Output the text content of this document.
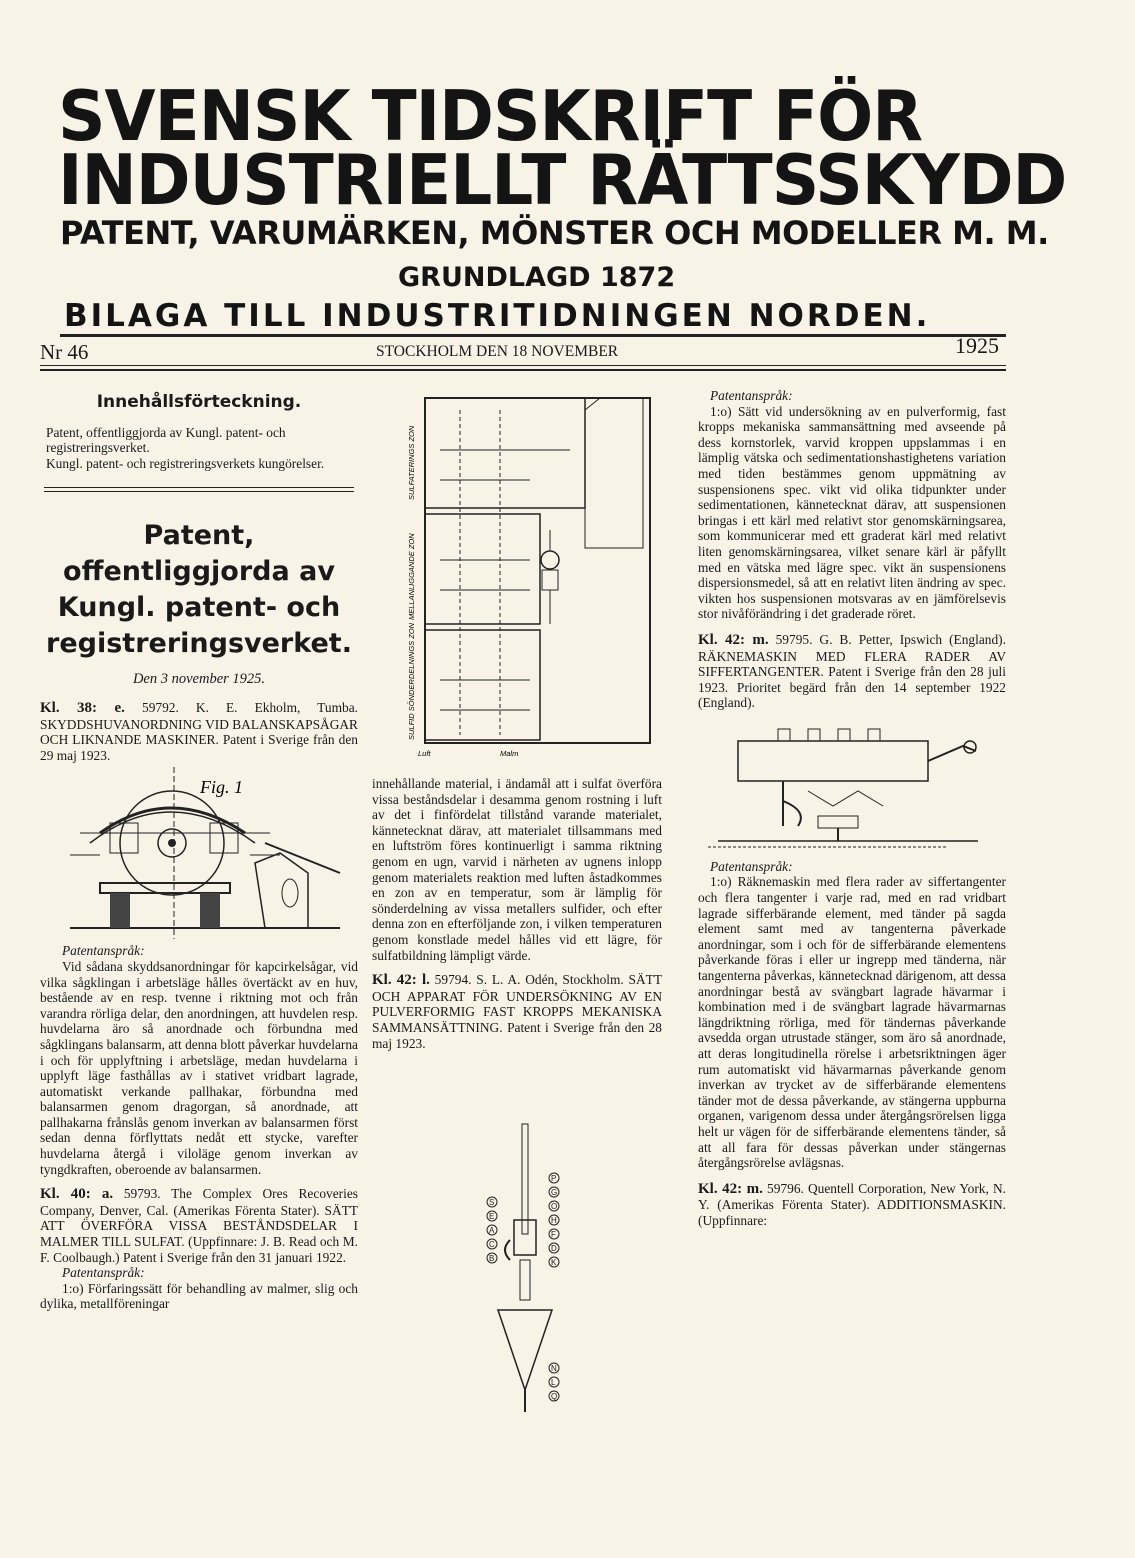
SVENSK TIDSKRIFT FÖR
INDUSTRIELLT RÄTTSSKYDD
PATENT, VARUMÄRKEN, MÖNSTER OCH MODELLER M. M.
GRUNDLAGD 1872
BILAGA TILL INDUSTRITIDNINGEN NORDEN.
Nr 46	STOCKHOLM DEN 18 NOVEMBER	1925
Innehållsförteckning.

Patent, offentliggjorda av Kungl. patent- och registreringsverket.

Kungl. patent- och registreringsverkets kungörelser.

Patent, offentliggjorda av Kungl. patent- och registreringsverket.
Den 3 november 1925.

Kl. 38: e. 59792. K. E. Ekholm, Tumba. SKYDDSHUVANORDNING VID BALANSKAPSÅGAR OCH LIKNANDE MASKINER. Patent i Sverige från den 29 maj 1923.

Fig. 1

Patentanspråk:

Vid sådana skyddsanordningar för kapcirkelsågar, vid vilka sågklingan i arbetsläge hålles övertäckt av en huv, bestående av en resp. tvenne i riktning mot och från varandra rörliga delar, den anordningen, att huvdelen resp. huvdelarna äro så anordnade och förbundna med sågklingans balansarm, att denna blott påverkar huvdelarna i och för upplyftning i arbetsläge, medan huvdelarna i upplyft läge fasthållas av i stativet vridbart lagrade, automatiskt verkande pallhakar, förbundna med balansarmen genom dragorgan, så anordnade, att pallhakarna frånslås genom inverkan av balansarmen först sedan denna förflyttats nedåt ett stycke, varefter huvdelarna återgå i viloläge genom inverkan av tyngdkraften, oberoende av balansarmen.

Kl. 40: a. 59793. The Complex Ores Recoveries Company, Denver, Cal. (Amerikas Förenta Stater). SÄTT ATT ÖVERFÖRA VISSA BESTÅNDSDELAR I MALMER TILL SULFAT. (Uppfinnare: J. B. Read och M. F. Coolbaugh.) Patent i Sverige från den 31 januari 1922.

Patentanspråk:

1:o) Förfaringssätt för behandling av malmer, slig och dylika, metallföreningar

SULFATERINGS ZON
MELLANLIGGANDE ZON
SULFID SÖNDERDELNINGS ZON
Luft	Malm

innehållande material, i ändamål att i sulfat överföra vissa beståndsdelar i desamma genom rostning i luft av det i finfördelat tillstånd varande materialet, kännetecknat därav, att materialet tillsammans med en luftström föres kontinuerligt i samma riktning genom en ugn, varvid i närheten av ugnens inlopp genom materialets reaktion med luften åstadkommes en zon av en temperatur, som är lämplig för sönderdelning av vissa metallers sulfider, och efter denna zon en efterföljande zon, i vilken temperaturen genom konstlade medel hålles vid ett lägre, för sulfatbildning lämpligt värde.

Kl. 42: l. 59794. S. L. A. Odén, Stockholm. SÄTT OCH APPARAT FÖR UNDERSÖKNING AV EN PULVERFORMIG FAST KROPPS MEKANISKA SAMMANSÄTTNING. Patent i Sverige från den 28 maj 1923.

P
G
S	O
E	H
A	F
C	D
B	K
N
L
Q

Patentanspråk:

1:o) Sätt vid undersökning av en pulverformig, fast kropps mekaniska sammansättning med avseende på dess kornstorlek, varvid kroppen uppslammas i en lämplig vätska och sedimentationshastighetens variation med tiden bestämmes genom uppmätning av suspensionens spec. vikt vid olika tidpunkter under sedimentationen, kännetecknat därav, att suspensionen bringas i ett kärl med relativt stor genomskärningsarea, som kommunicerar med ett graderat kärl med relativt liten genomskärningsarea, vilket senare kärl är påfyllt med en vätska med lägre spec. vikt än suspensionens dispersionsmedel, så att en relativt liten ändring av spec. vikten hos suspensionen motsvaras av en jämförelsevis stor nivåförändring i det graderade röret.

Kl. 42: m. 59795. G. B. Petter, Ipswich (England). RÄKNEMASKIN MED FLERA RADER AV SIFFERTANGENTER. Patent i Sverige från den 28 juli 1923. Prioritet begärd från den 14 september 1922 (England).

Patentanspråk:

1:o) Räknemaskin med flera rader av siffertangenter och flera tangenter i varje rad, med en rad vridbart lagrade sifferbärande element, med tänder på sagda element samt med av tangenterna påverkade anordningar, som i och för de sifferbärande elementens påverkande föras i eller ur ingrepp med tänderna, när tangenterna påverkas, kännetecknad därigenom, att dessa anordningar bestå av svängbart lagrade hävarmar i kombination med i de svängbart lagrade hävarmarnas längdriktning rörliga, med för tändernas påverkande avsedda organ utrustade stänger, som äro så anordnade, att deras longitudinella rörelse i arbetsriktningen äger rum automatiskt vid hävarmarnas påverkande genom inverkan av trycket av de sifferbärande elementens tänder mot de dessa påverkande, av stängerna uppburna organen, varigenom dessa under återgångsrörelsen ligga helt ur vägen för de sifferbärande elementens tänder, så att all fara för dessas påverkan under stängernas återgångsrörelse avlägsnas.

Kl. 42: m. 59796. Quentell Corporation, New York, N. Y. (Amerikas Förenta Stater). ADDITIONSMASKIN. (Uppfinnare:
